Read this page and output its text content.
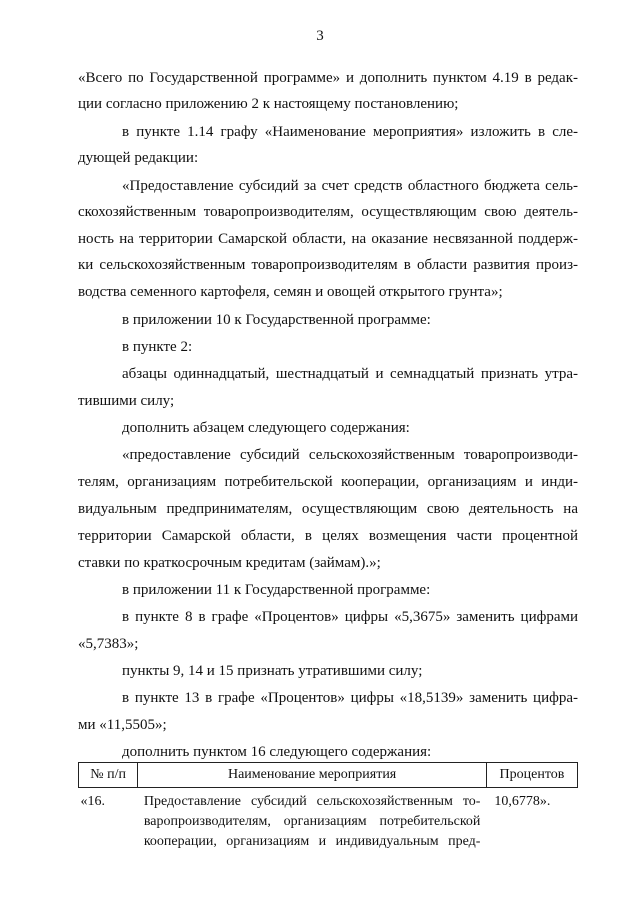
3

«Всего по Государственной программе» и дополнить пунктом 4.19 в редак-

ции согласно приложению 2 к настоящему постановлению;

в пункте 1.14 графу «Наименование мероприятия» изложить в сле-

дующей редакции:

«Предоставление субсидий за счет средств областного бюджета сель-

скохозяйственным товаропроизводителям, осуществляющим свою деятель-

ность на территории Самарской области, на оказание несвязанной поддерж-

ки сельскохозяйственным товаропроизводителям в области развития произ-

водства семенного картофеля, семян и овощей открытого грунта»;

в приложении 10 к Государственной программе:

в пункте 2:

абзацы одиннадцатый, шестнадцатый и семнадцатый признать утра-

тившими силу;

дополнить абзацем следующего содержания:

«предоставление субсидий сельскохозяйственным товаропроизводи-

телям, организациям потребительской кооперации, организациям и инди-

видуальным предпринимателям, осуществляющим свою деятельность на

территории Самарской области, в целях возмещения части процентной

ставки по краткосрочным кредитам (займам).»;

в приложении 11 к Государственной программе:

в пункте 8 в графе «Процентов» цифры «5,3675» заменить цифрами

«5,7383»;

пункты 9, 14 и 15 признать утратившими силу;

в пункте 13 в графе «Процентов» цифры «18,5139» заменить цифра-

ми «11,5505»;

дополнить пунктом 16 следующего содержания:

№ п/п	Наименование мероприятия	Процентов

«16.	Предоставление субсидий сельскохозяйственным то-
варопроизводителям, организациям потребительской
кооперации, организациям и индивидуальным пред-	10,6778».
